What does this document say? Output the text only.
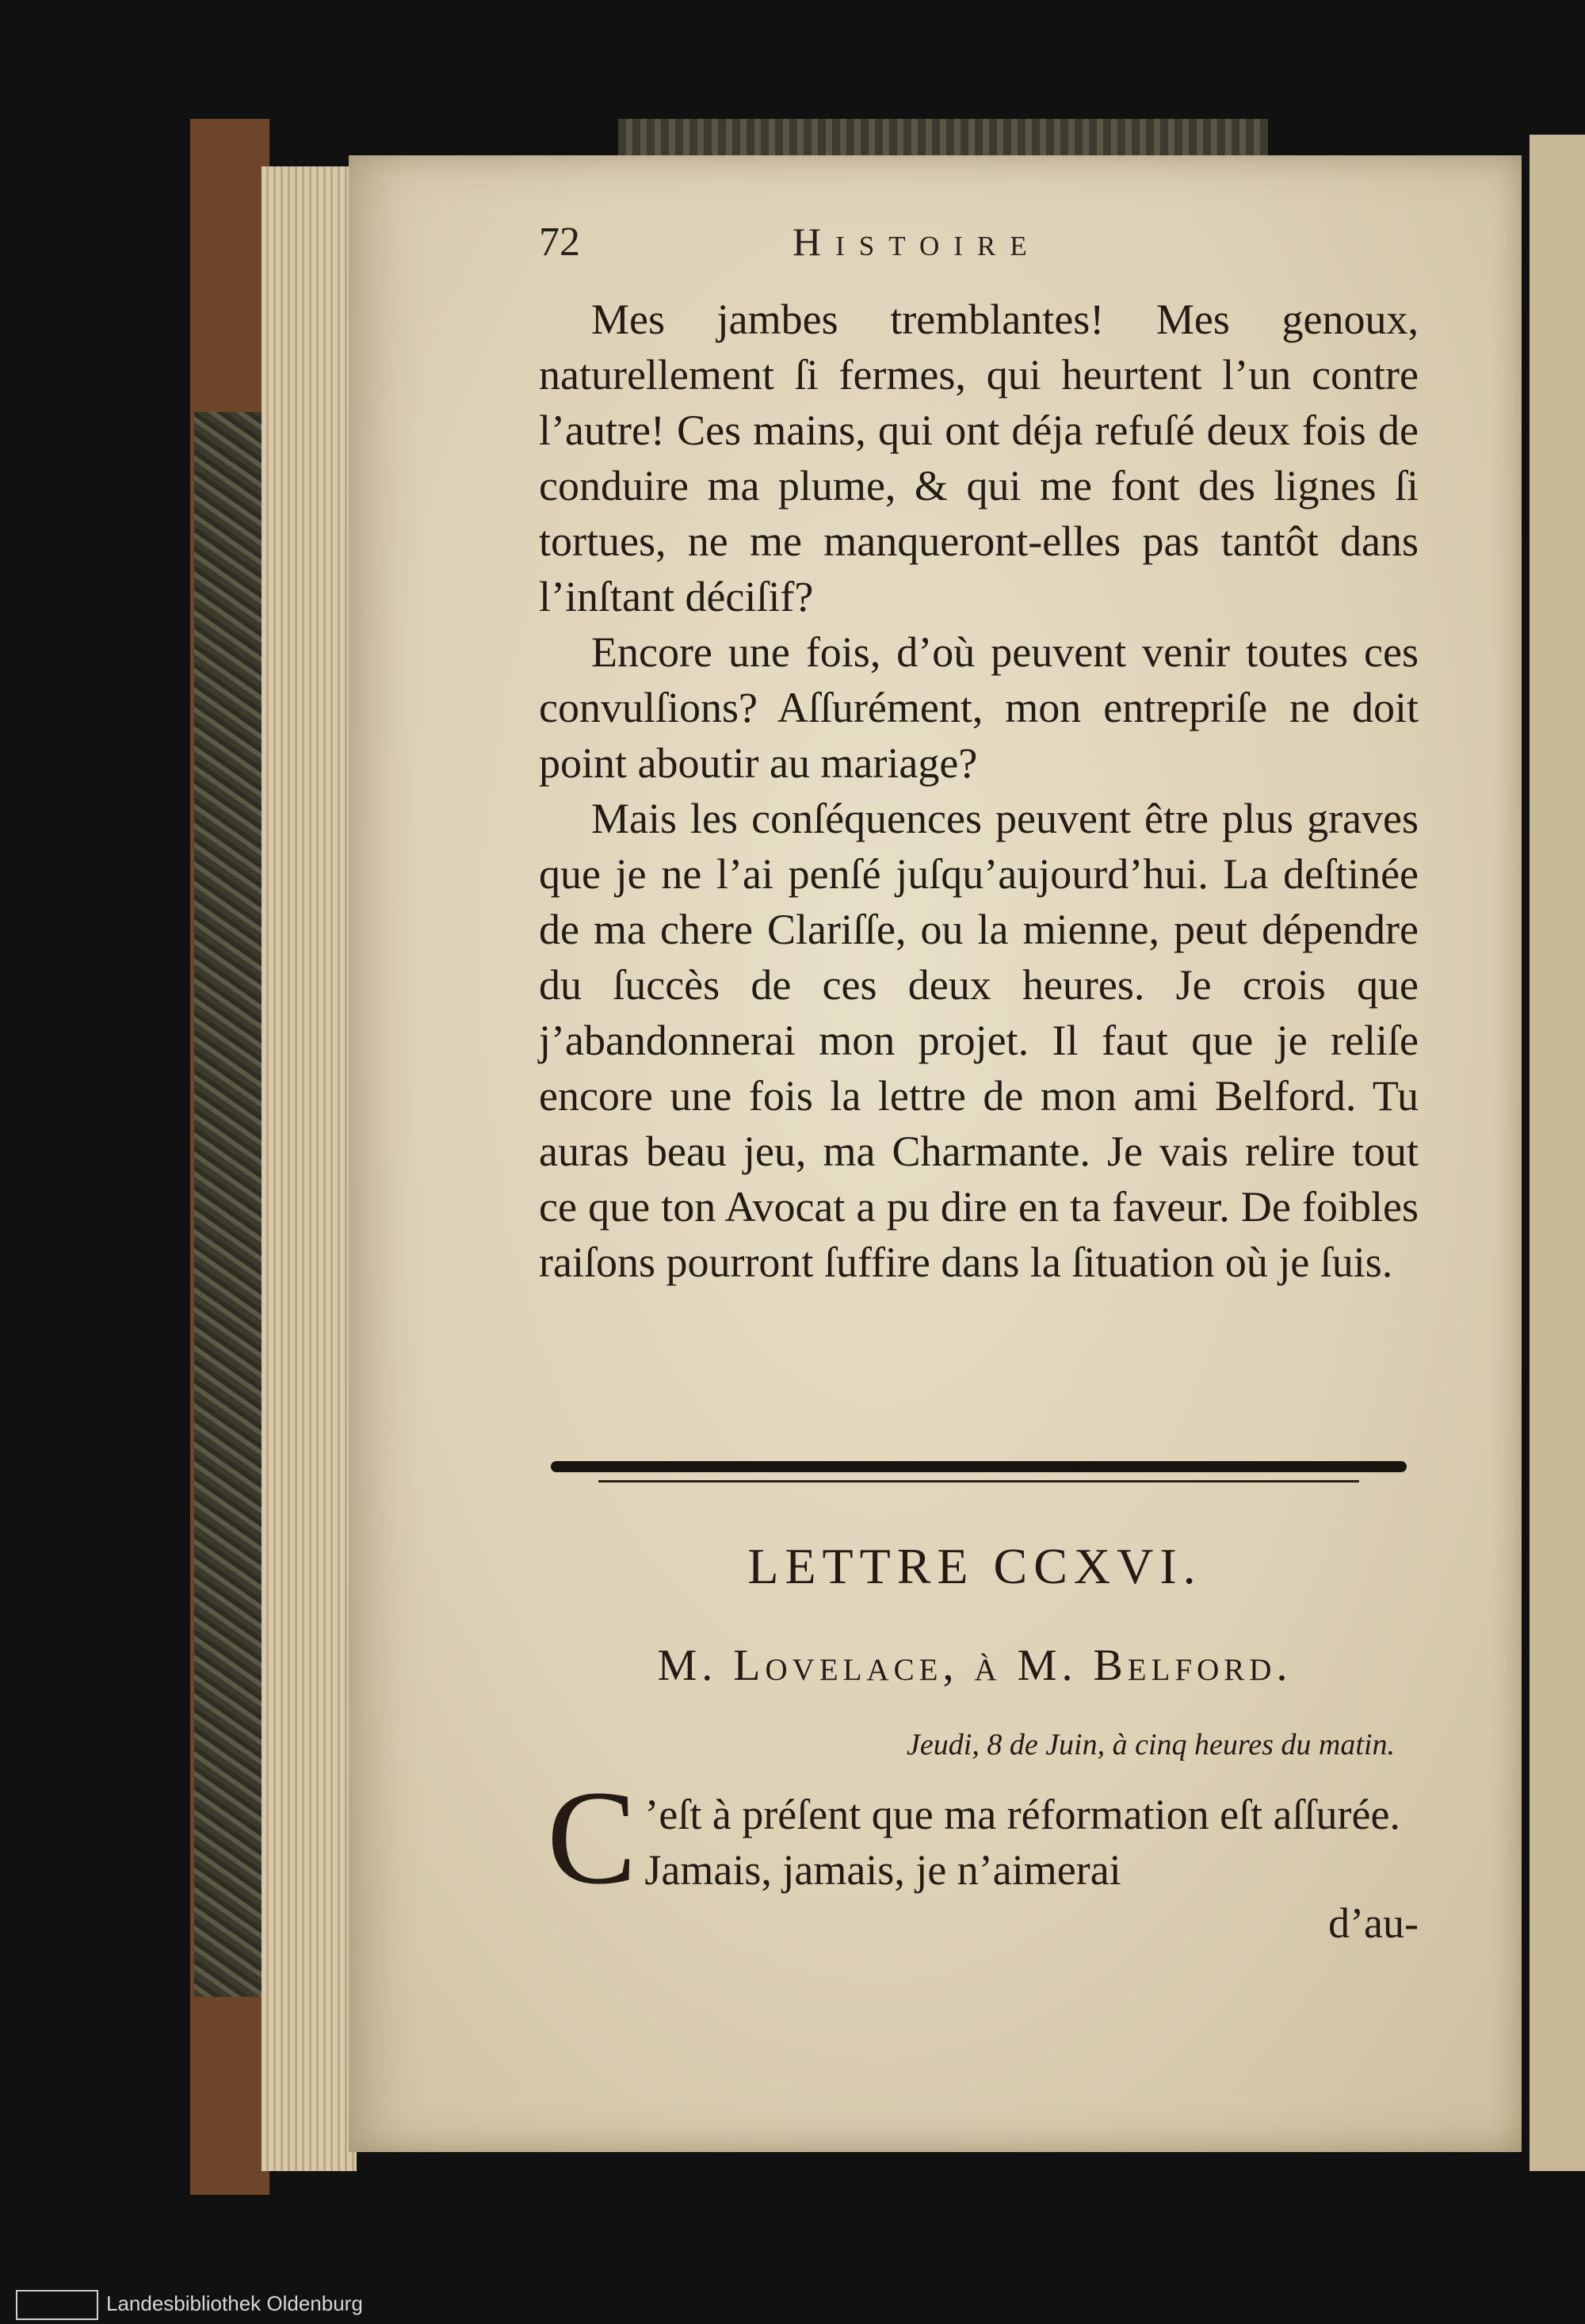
72	Histoire

Mes jambes tremblantes! Mes genoux, naturellement ſi fermes, qui heurtent l’un contre l’autre! Ces mains, qui ont déja refuſé deux fois de conduire ma plume, & qui me font des lignes ſi tortues, ne me manqueront-elles pas tantôt dans l’inſtant déciſif?

Encore une fois, d’où peuvent venir toutes ces convulſions? Aſſurément, mon entrepriſe ne doit point aboutir au mariage?

Mais les conſéquences peuvent être plus graves que je ne l’ai penſé juſqu’aujourd’hui. La deſtinée de ma chere Clariſſe, ou la mienne, peut dépendre du ſuccès de ces deux heures. Je crois que j’abandonnerai mon projet. Il faut que je reliſe encore une fois la lettre de mon ami Belford. Tu auras beau jeu, ma Charmante. Je vais relire tout ce que ton Avocat a pu dire en ta faveur. De foibles raiſons pourront ſuffire dans la ſituation où je ſuis.

LETTRE CCXVI.
M. Lovelace, à M. Belford.
Jeudi, 8 de Juin, à cinq heures du matin.
C ’eſt à préſent que ma réformation eſt aſſurée. Jamais, jamais, je n’aimerai
d’au-
Landesbibliothek Oldenburg
